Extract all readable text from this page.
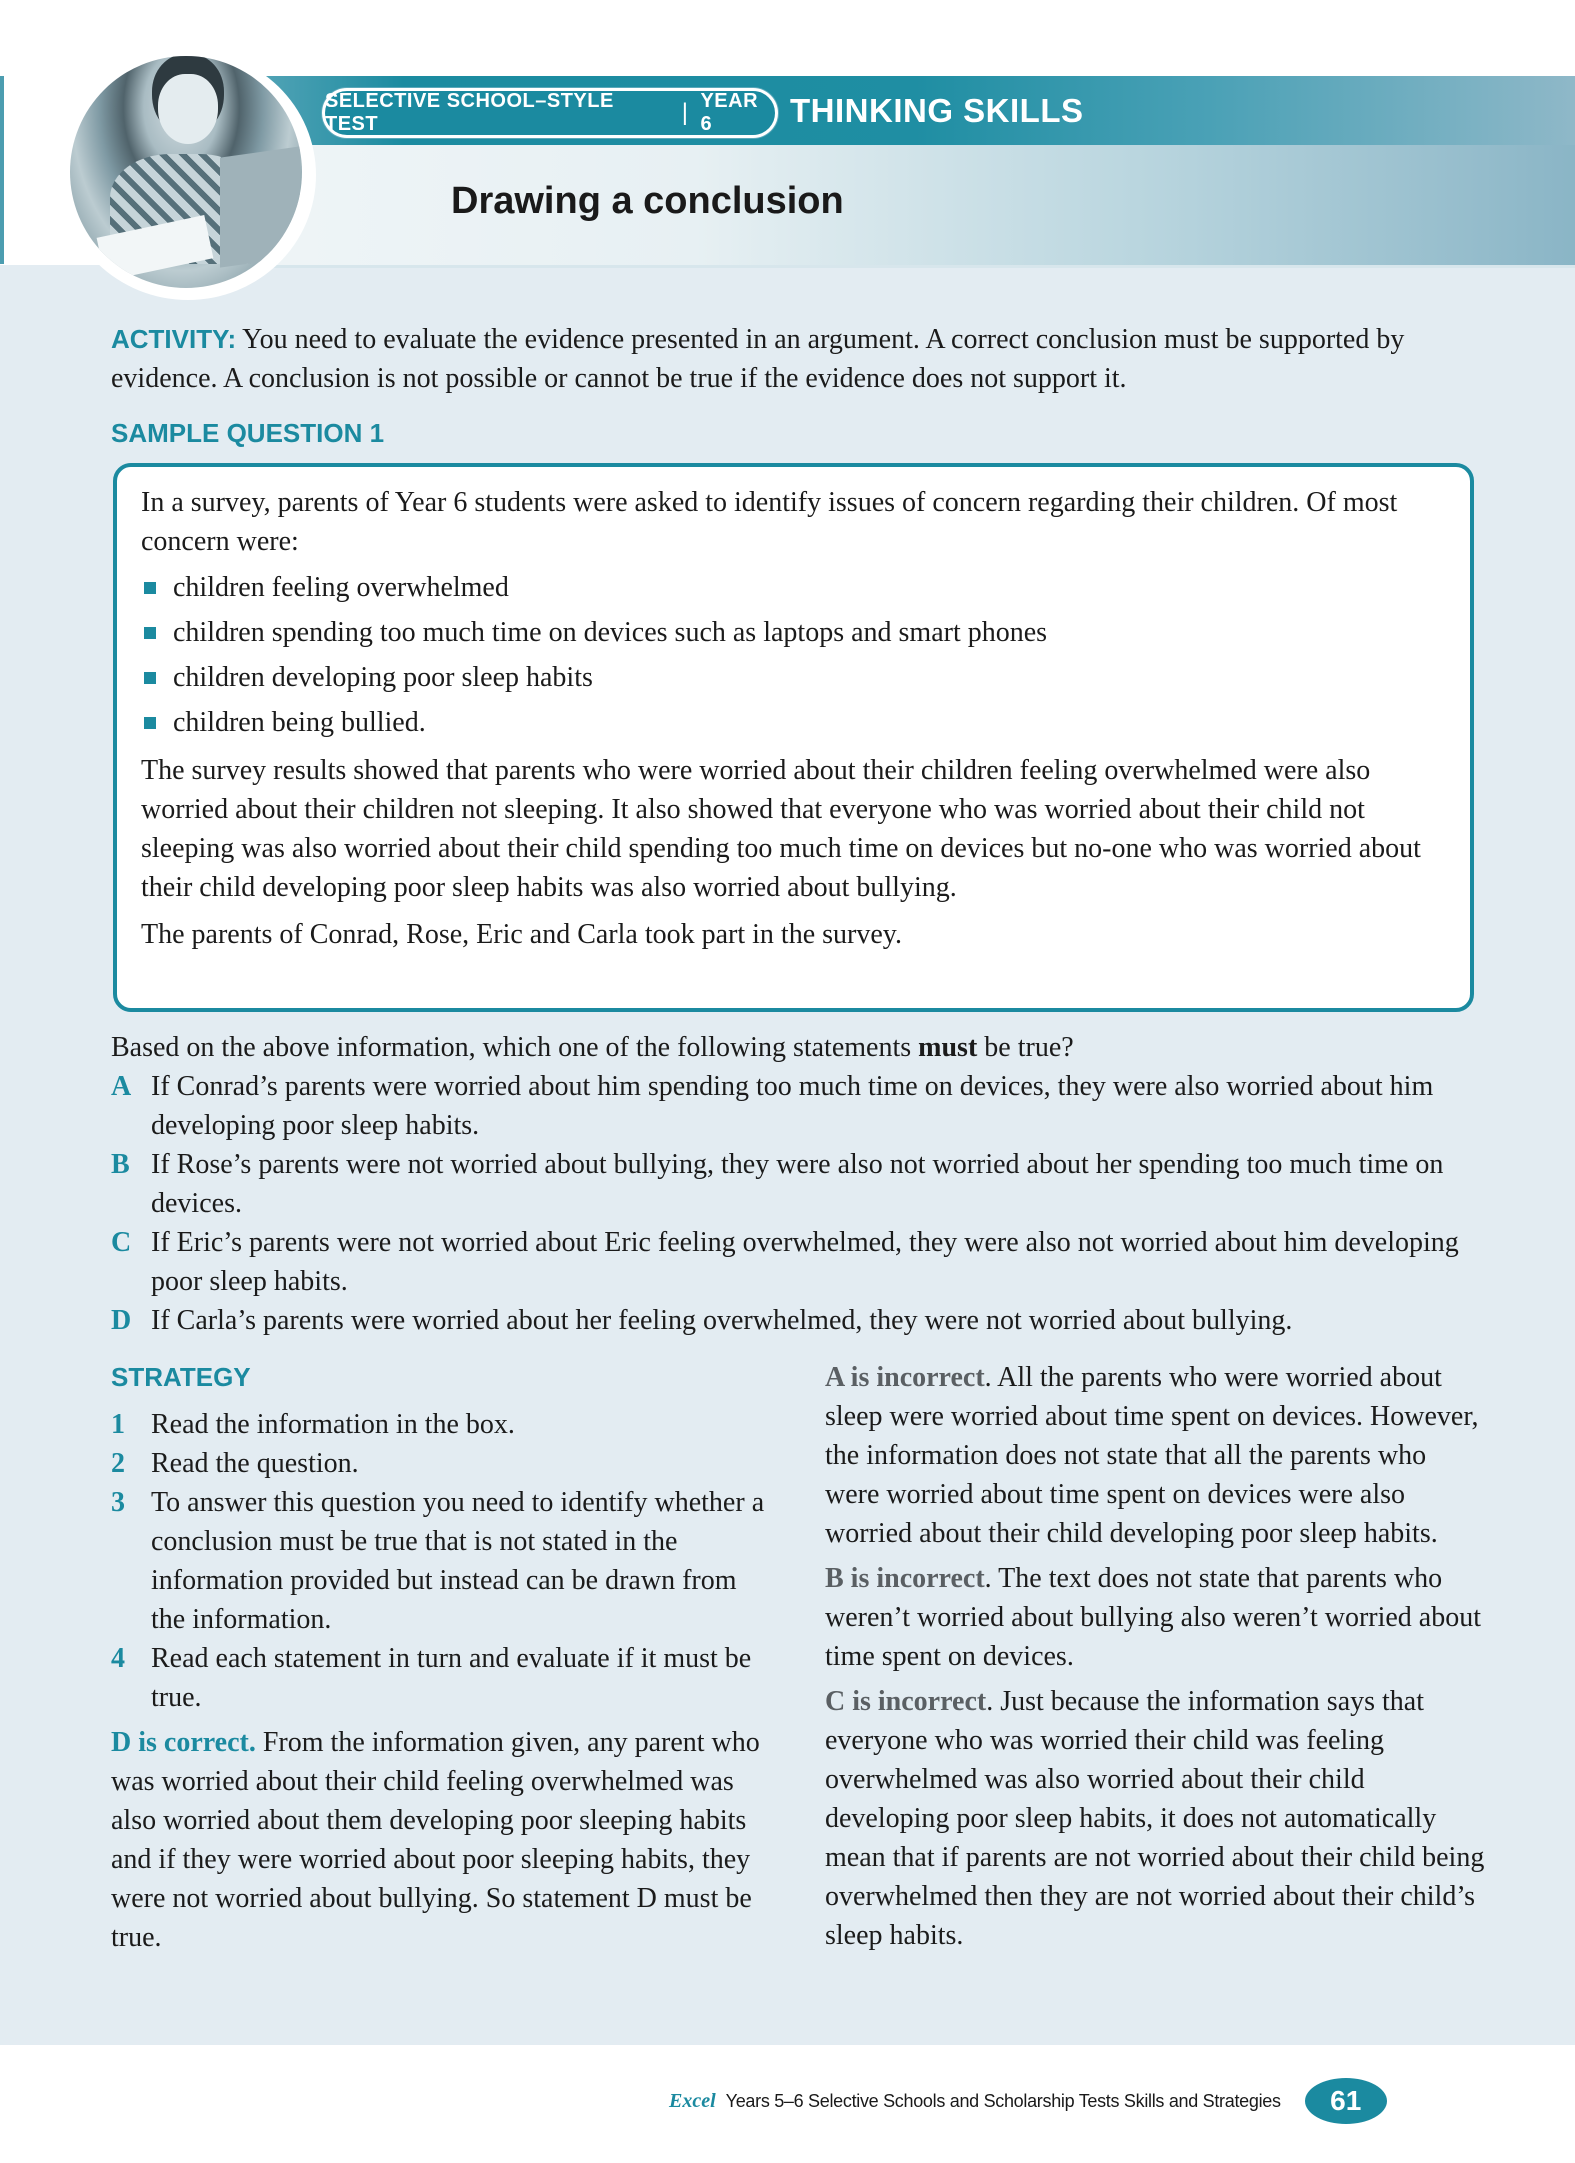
SELECTIVE SCHOOL–STYLE TEST	| YEAR 6	THINKING SKILLS
Drawing a conclusion

ACTIVITY: You need to evaluate the evidence presented in an argument. A correct conclusion must be supported by evidence. A conclusion is not possible or cannot be true if the evidence does not support it.

SAMPLE QUESTION 1

In a survey, parents of Year 6 students were asked to identify issues of concern regarding their children. Of most concern were:

children feeling overwhelmed
children spending too much time on devices such as laptops and smart phones
children developing poor sleep habits
children being bullied.

The survey results showed that parents who were worried about their children feeling overwhelmed were also worried about their children not sleeping. It also showed that everyone who was worried about their child not sleeping was also worried about their child spending too much time on devices but no-one who was worried about their child developing poor sleep habits was also worried about bullying.

The parents of Conrad, Rose, Eric and Carla took part in the survey.

Based on the above information, which one of the following statements must be true?

A If Conrad’s parents were worried about him spending too much time on devices, they were also worried about him developing poor sleep habits.
B If Rose’s parents were not worried about bullying, they were also not worried about her spending too much time on devices.
C If Eric’s parents were not worried about Eric feeling overwhelmed, they were also not worried about him developing poor sleep habits.
D If Carla’s parents were worried about her feeling overwhelmed, they were not worried about bullying.
STRATEGY
1 Read the information in the box.
2 Read the question.
3 To answer this question you need to identify whether a conclusion must be true that is not stated in the information provided but instead can be drawn from the information.
4 Read each statement in turn and evaluate if it must be true.

D is correct. From the information given, any parent who was worried about their child feeling overwhelmed was also worried about them developing poor sleeping habits and if they were worried about poor sleeping habits, they were not worried about bullying. So statement D must be true.

A is incorrect. All the parents who were worried about sleep were worried about time spent on devices. However, the information does not state that all the parents who were worried about time spent on devices were also worried about their child developing poor sleep habits.

B is incorrect. The text does not state that parents who weren’t worried about bullying also weren’t worried about time spent on devices.

C is incorrect. Just because the information says that everyone who was worried their child was feeling overwhelmed was also worried about their child developing poor sleep habits, it does not automatically mean that if parents are not worried about their child being overwhelmed then they are not worried about their child’s sleep habits.

Excel Years 5–6 Selective Schools and Scholarship Tests Skills and Strategies	61
